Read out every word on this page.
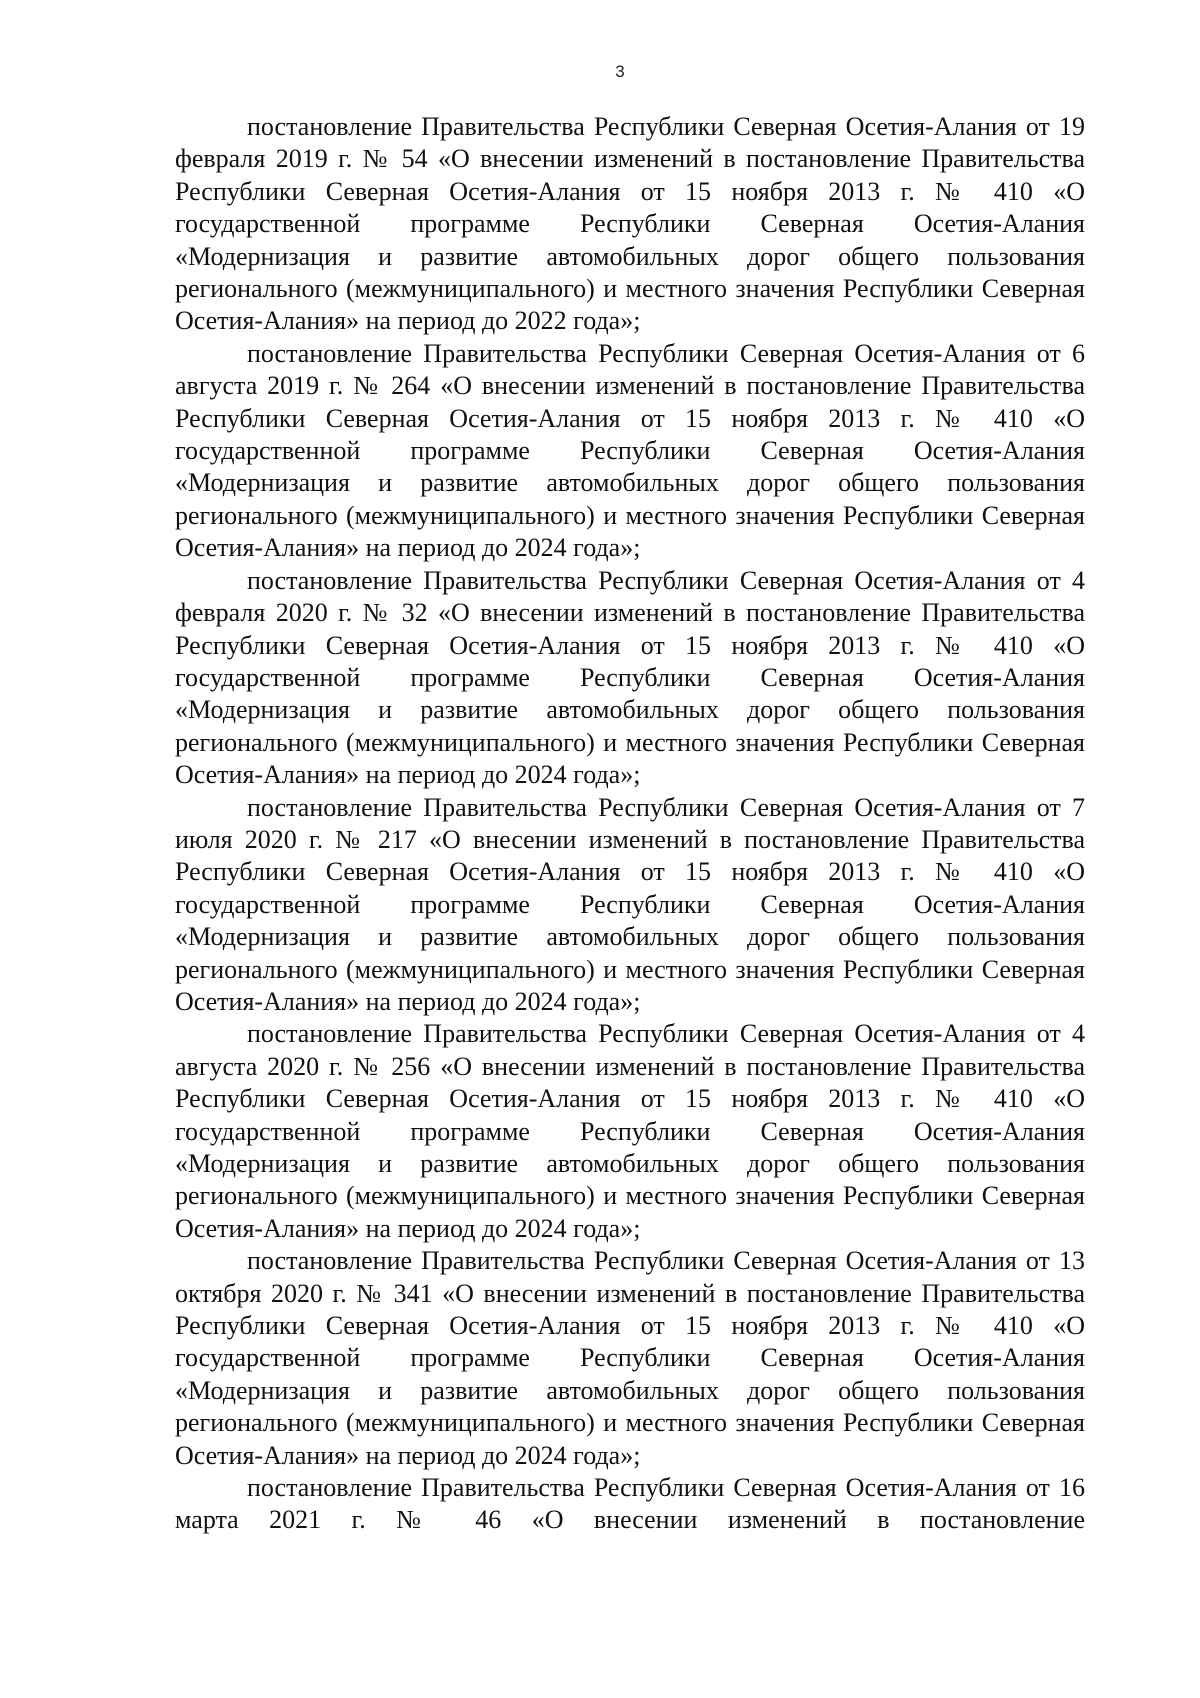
3

постановление Правительства Республики Северная Осетия-Алания от 19 февраля 2019 г. № 54 «О внесении изменений в постановление Правительства Республики Северная Осетия-Алания от 15 ноября 2013 г. № 410 «О государственной программе Республики Северная Осетия-Алания «Модернизация и развитие автомобильных дорог общего пользования регионального (межмуниципального) и местного значения Республики Северная Осетия-Алания» на период до 2022 года»;

постановление Правительства Республики Северная Осетия-Алания от 6 августа 2019 г. № 264 «О внесении изменений в постановление Правительства Республики Северная Осетия-Алания от 15 ноября 2013 г. № 410 «О государственной программе Республики Северная Осетия-Алания «Модернизация и развитие автомобильных дорог общего пользования регионального (межмуниципального) и местного значения Республики Северная Осетия-Алания» на период до 2024 года»;

постановление Правительства Республики Северная Осетия-Алания от 4 февраля 2020 г. № 32 «О внесении изменений в постановление Правительства Республики Северная Осетия-Алания от 15 ноября 2013 г. № 410 «О государственной программе Республики Северная Осетия-Алания «Модернизация и развитие автомобильных дорог общего пользования регионального (межмуниципального) и местного значения Республики Северная Осетия-Алания» на период до 2024 года»;

постановление Правительства Республики Северная Осетия-Алания от 7 июля 2020 г. № 217 «О внесении изменений в постановление Правительства Республики Северная Осетия-Алания от 15 ноября 2013 г. № 410 «О государственной программе Республики Северная Осетия-Алания «Модернизация и развитие автомобильных дорог общего пользования регионального (межмуниципального) и местного значения Республики Северная Осетия-Алания» на период до 2024 года»;

постановление Правительства Республики Северная Осетия-Алания от 4 августа 2020 г. № 256 «О внесении изменений в постановление Правительства Республики Северная Осетия-Алания от 15 ноября 2013 г. № 410 «О государственной программе Республики Северная Осетия-Алания «Модернизация и развитие автомобильных дорог общего пользования регионального (межмуниципального) и местного значения Республики Северная Осетия-Алания» на период до 2024 года»;

постановление Правительства Республики Северная Осетия-Алания от 13 октября 2020 г. № 341 «О внесении изменений в постановление Правительства Республики Северная Осетия-Алания от 15 ноября 2013 г. № 410 «О государственной программе Республики Северная Осетия-Алания «Модернизация и развитие автомобильных дорог общего пользования регионального (межмуниципального) и местного значения Республики Северная Осетия-Алания» на период до 2024 года»;

постановление Правительства Республики Северная Осетия-Алания от 16 марта 2021 г. № 46 «О внесении изменений в постановление
